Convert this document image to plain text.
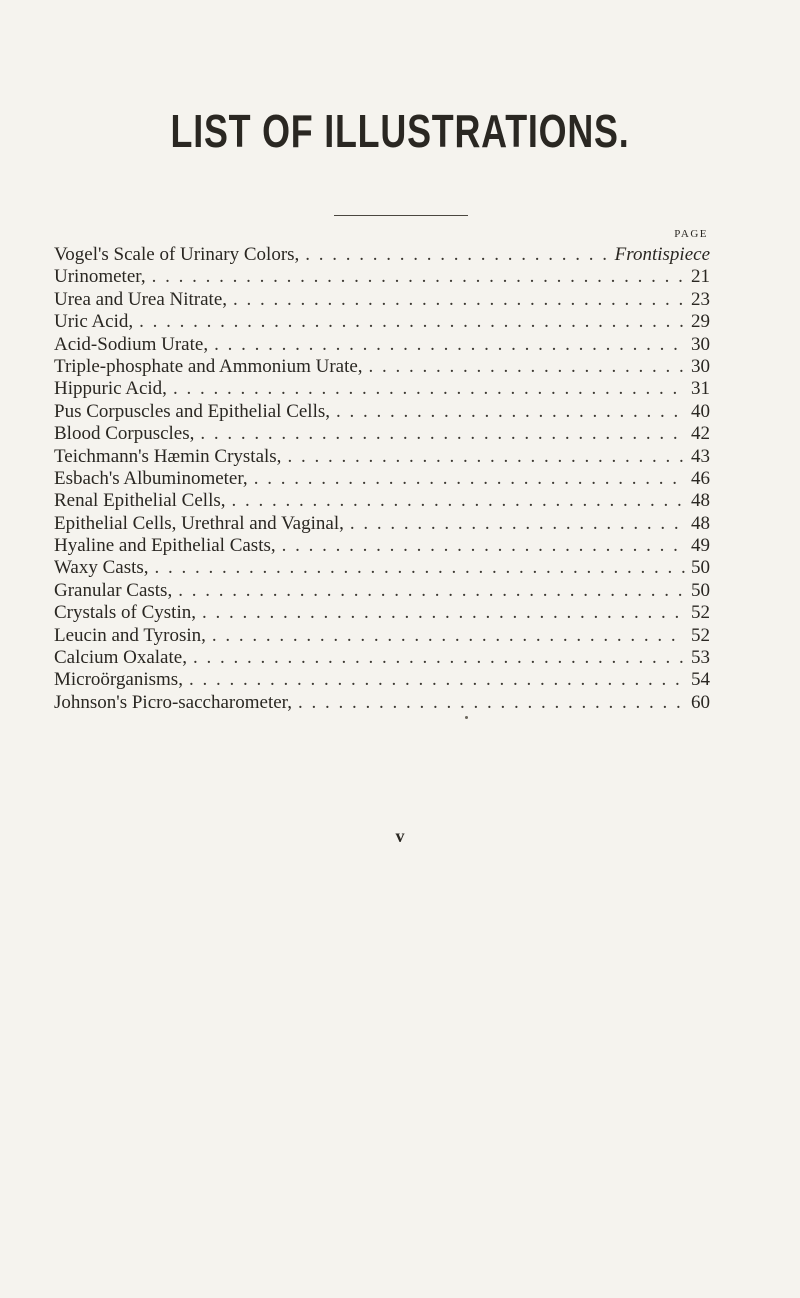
LIST OF ILLUSTRATIONS.
PAGE
Vogel's Scale of Urinary Colors, . . .	Frontispiece
Urinometer, . . .	21
Urea and Urea Nitrate, . . .	23
Uric Acid, . . .	29
Acid-Sodium Urate, . . .	30
Triple-phosphate and Ammonium Urate, . . .	30
Hippuric Acid, . . .	31
Pus Corpuscles and Epithelial Cells, . . .	40
Blood Corpuscles, . . .	42
Teichmann's Hæmin Crystals, . . .	43
Esbach's Albuminometer, . . .	46
Renal Epithelial Cells, . . .	48
Epithelial Cells, Urethral and Vaginal, . . .	48
Hyaline and Epithelial Casts, . . .	49
Waxy Casts, . . .	50
Granular Casts, . . .	50
Crystals of Cystin, . . .	52
Leucin and Tyrosin, . . .	52
Calcium Oxalate, . . .	53
Microörganisms, . . .	54
Johnson's Picro-saccharometer, . . .	60
v
